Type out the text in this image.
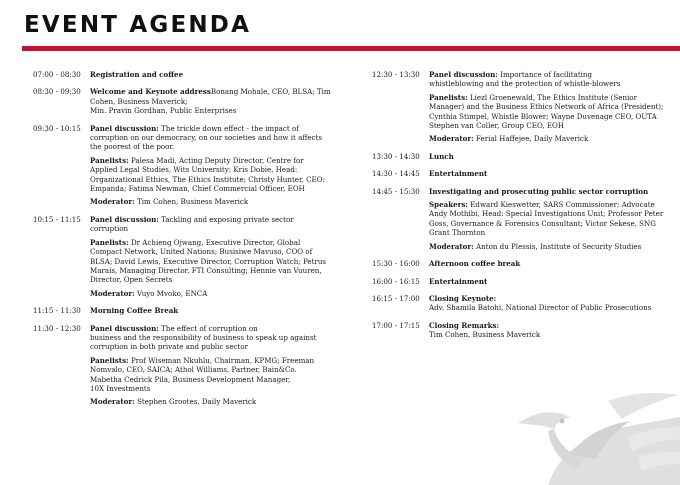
EVENT AGENDA
07:00 - 08:30	Registration and coffee
08:30 - 09:30	Welcome and Keynote addressBonang Mohale, CEO, BLSA; Tim Cohen, Business Maverick;
Min. Pravin Gordhan, Public Enterprises
09:30 - 10:15	Panel discussion: The trickle down effect - the impact of
corruption on our democracy, on our societies and how it affects
the poorest of the poor.
Panelists: Palesa Madi, Acting Deputy Director, Centre for
Applied Legal Studies, Wits University; Kris Dobie, Head:
Organizational Ethics, The Ethics Institute; Christy Hunter, CEO:
Empanda; Fatima Newman, Chief Commercial Officer, EOH
Moderator: Tim Cohen, Business Maverick
10:15 - 11:15	Panel discussion: Tackling and exposing private sector
corruption
Panelists: Dr Achieng Ojwang, Executive Director, Global
Compact Network, United Nations; Busisiwe Mavuso, COO of
BLSA; David Lewis, Executive Director, Corruption Watch; Petrus
Marais, Managing Director, FTI Consulting; Hennie van Vuuren,
Director, Open Secrets
Moderator: Vuyo Mvoko, ENCA
11:15 - 11:30	Morning Coffee Break
11:30 - 12:30	Panel discussion: The effect of corruption on
business and the responsibility of business to speak up against
corruption in both private and public sector
Panelists: Prof Wiseman Nkuhlu, Chairman, KPMG; Freeman
Nomvalo, CEO, SAICA; Athol Williams, Partner, Bain&Co.
Mabetha Cedrick Pila, Business Development Manager,
10X Investments
Moderator: Stephen Grootes, Daily Maverick
12:30 - 13:30	Panel discussion: Importance of facilitating
whistleblowing and the protection of whistle-blowers
Panelists: Liezl Groenewald, The Ethics Institute (Senior
Manager) and the Business Ethics Network of Africa (President);
Cynthia Stimpel, Whistle Blower; Wayne Duvenage CEO, OUTA
Stephen van Coller, Group CEO, EOH
Moderator: Ferial Haffejee, Daily Maverick
13:30 - 14:30	Lunch
14:30 - 14:45	Entertainment
14:45 - 15:30	Investigating and prosecuting public sector corruption
Speakers: Edward Kieswetter, SARS Commissioner; Advocate
Andy Mothibi, Head: Special Investigations Unit; Professor Peter
Goss, Governance & Forensics Consultant; Victor Sekese, SNG
Grant Thornton
Moderator: Anton du Plessis, Institute of Security Studies
15:30 - 16:00	Afternoon coffee break
16:00 - 16:15	Entertainment
16:15 - 17:00	Closing Keynote:
Adv. Shamila Batohi, National Director of Public Prosecutions
17:00 - 17:15	Closing Remarks:
Tim Cohen, Business Maverick
